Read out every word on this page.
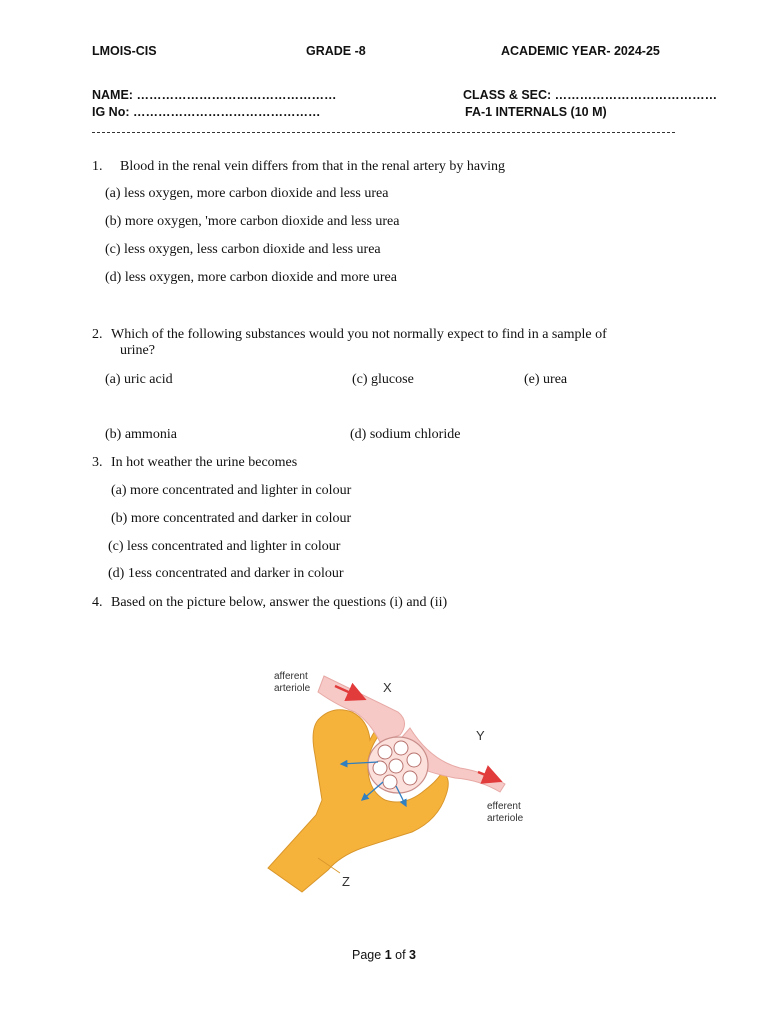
LMOIS-CIS	GRADE -8	ACADEMIC YEAR- 2024-25
NAME: …………………………………………	CLASS & SEC: …………………………………
IG No: ………………………………………	FA-1 INTERNALS (10 M)
1. Blood in the renal vein differs from that in the renal artery by having
(a) less oxygen, more carbon dioxide and less urea
(b) more oxygen, 'more carbon dioxide and less urea
(c) less oxygen, less carbon dioxide and less urea
(d) less oxygen, more carbon dioxide and more urea
2. Which of the following substances would you not normally expect to find in a sample of
urine?
(a) uric acid	(c) glucose	(e) urea
(b) ammonia	(d) sodium chloride
3. In hot weather the urine becomes
(a) more concentrated and lighter in colour
(b) more concentrated and darker in colour
(c) less concentrated and lighter in colour
(d) 1ess concentrated and darker in colour
4. Based on the picture below, answer the questions (i) and (ii)
afferent
arteriole	X
Y
efferent
arteriole
Z
Page 1 of 3
